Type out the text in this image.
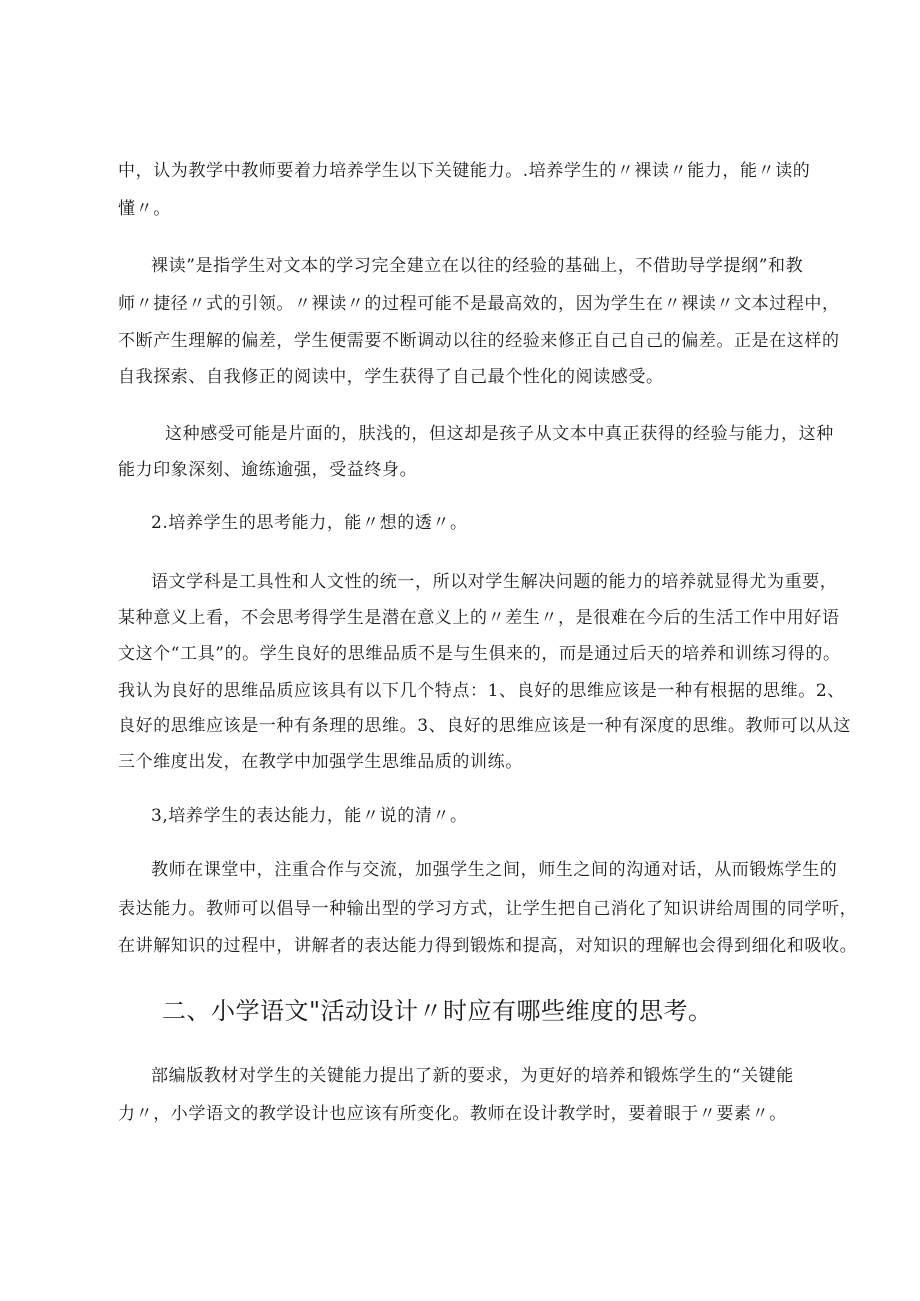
中，认为教学中教师要着力培养学生以下关键能力。.培养学生的〃裸读〃能力，能〃读的

懂〃。

裸读”是指学生对文本的学习完全建立在以往的经验的基础上，不借助导学提纲”和教

师〃捷径〃式的引领。〃裸读〃的过程可能不是最高效的，因为学生在〃裸读〃文本过程中，

不断产生理解的偏差，学生便需要不断调动以往的经验来修正自己自己的偏差。正是在这样的

自我探索、自我修正的阅读中，学生获得了自己最个性化的阅读感受。

这种感受可能是片面的，肤浅的，但这却是孩子从文本中真正获得的经验与能力，这种

能力印象深刻、逾练逾强，受益终身。

2.培养学生的思考能力，能〃想的透〃。

语文学科是工具性和人文性的统一，所以对学生解决问题的能力的培养就显得尤为重要，

某种意义上看，不会思考得学生是潜在意义上的〃差生〃，是很难在今后的生活工作中用好语

文这个“工具”的。学生良好的思维品质不是与生俱来的，而是通过后天的培养和训练习得的。

我认为良好的思维品质应该具有以下几个特点：1、良好的思维应该是一种有根据的思维。2、

良好的思维应该是一种有条理的思维。3、良好的思维应该是一种有深度的思维。教师可以从这

三个维度出发，在教学中加强学生思维品质的训练。

3,培养学生的表达能力，能〃说的清〃。

教师在课堂中，注重合作与交流，加强学生之间，师生之间的沟通对话，从而锻炼学生的

表达能力。教师可以倡导一种输出型的学习方式，让学生把自己消化了知识讲给周围的同学听，

在讲解知识的过程中，讲解者的表达能力得到锻炼和提高，对知识的理解也会得到细化和吸收。

二、小学语文"活动设计〃时应有哪些维度的思考。

部编版教材对学生的关键能力提出了新的要求，为更好的培养和锻炼学生的“关键能

力〃，小学语文的教学设计也应该有所变化。教师在设计教学时，要着眼于〃要素〃。
